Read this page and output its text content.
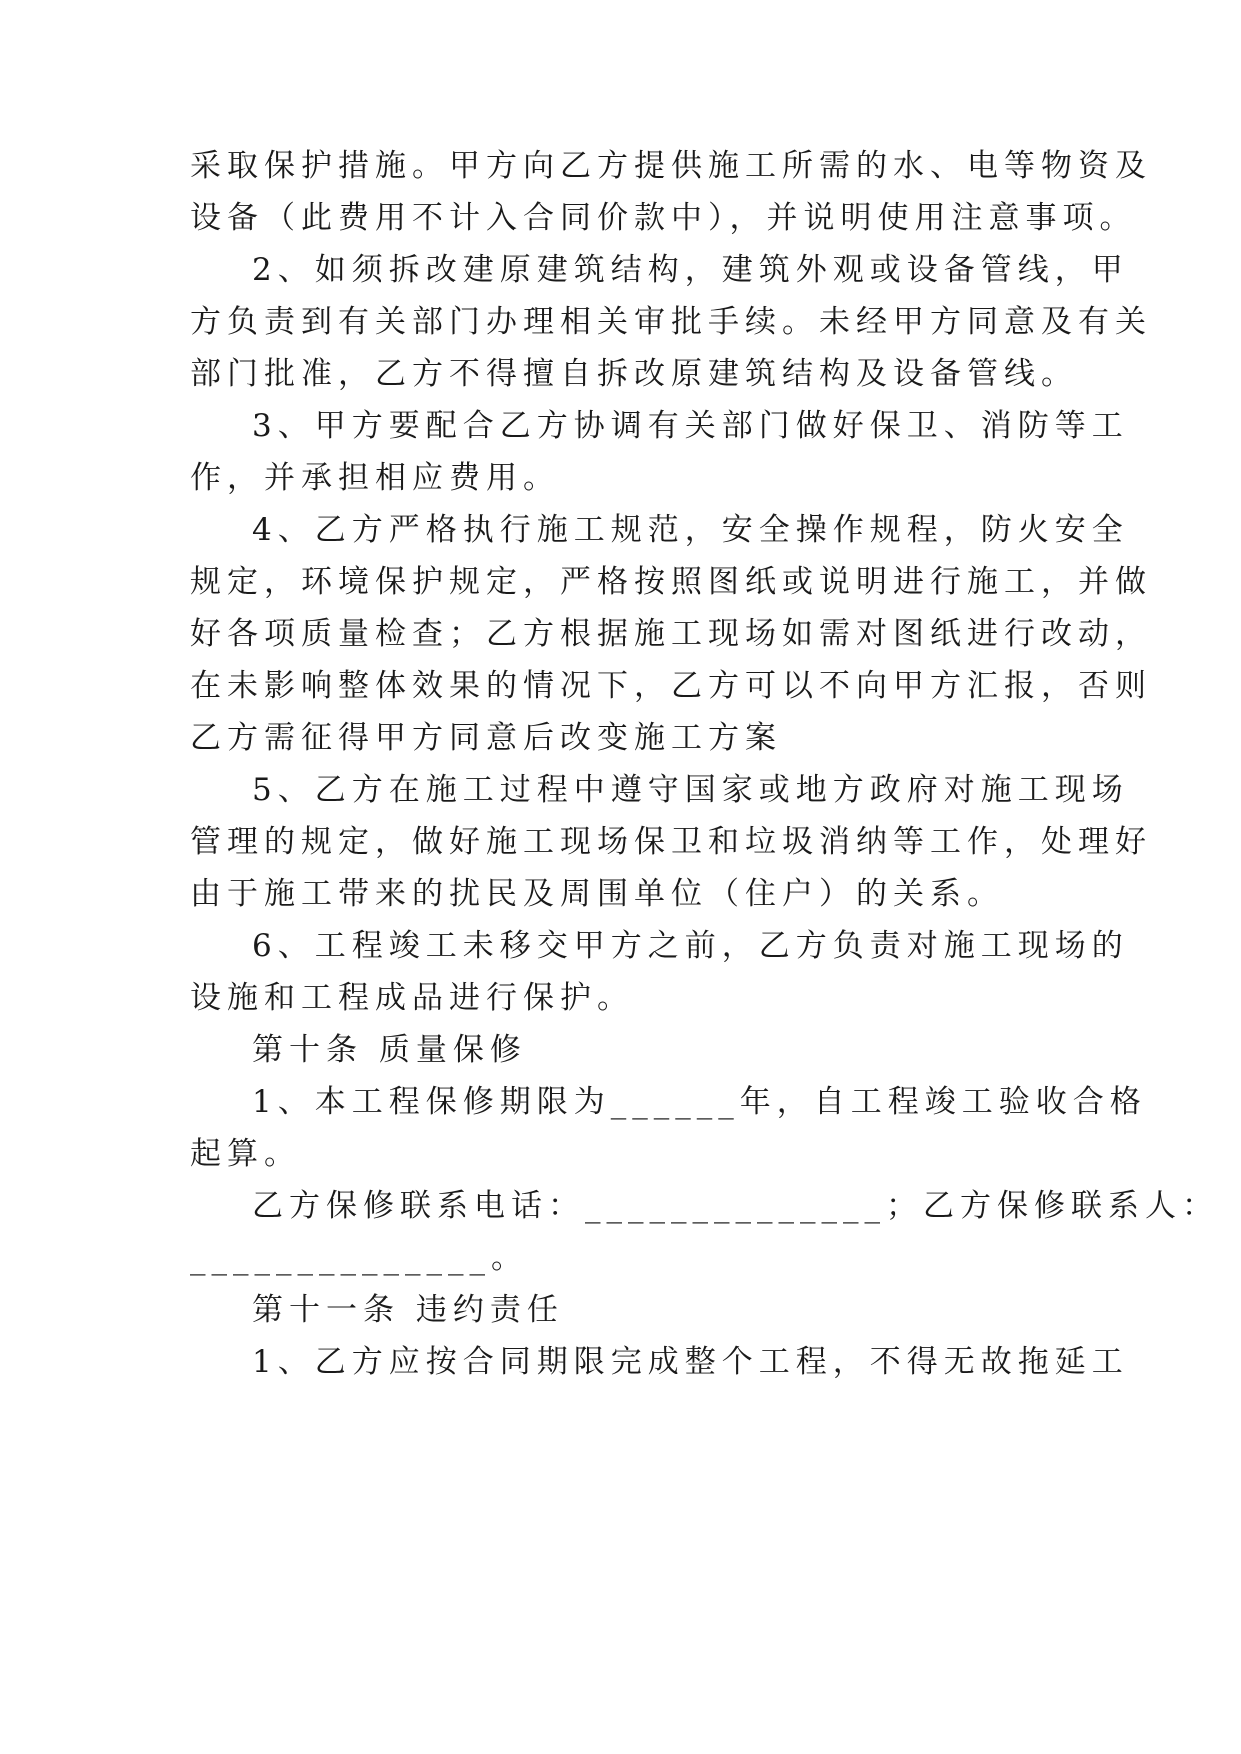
采取保护措施。甲方向乙方提供施工所需的水、电等物资及
设备（此费用不计入合同价款中），并说明使用注意事项。
2、如须拆改建原建筑结构，建筑外观或设备管线，甲
方负责到有关部门办理相关审批手续。未经甲方同意及有关
部门批准，乙方不得擅自拆改原建筑结构及设备管线。
3、甲方要配合乙方协调有关部门做好保卫、消防等工
作，并承担相应费用。
4、乙方严格执行施工规范，安全操作规程，防火安全
规定，环境保护规定，严格按照图纸或说明进行施工，并做
好各项质量检查；乙方根据施工现场如需对图纸进行改动，
在未影响整体效果的情况下，乙方可以不向甲方汇报，否则
乙方需征得甲方同意后改变施工方案
5、乙方在施工过程中遵守国家或地方政府对施工现场
管理的规定，做好施工现场保卫和垃圾消纳等工作，处理好
由于施工带来的扰民及周围单位（住户）的关系。
6、工程竣工未移交甲方之前，乙方负责对施工现场的
设施和工程成品进行保护。
第十条 质量保修
1、本工程保修期限为______年，自工程竣工验收合格
起算。
乙方保修联系电话：______________；乙方保修联系人：
______________。
第十一条 违约责任
1、乙方应按合同期限完成整个工程，不得无故拖延工
